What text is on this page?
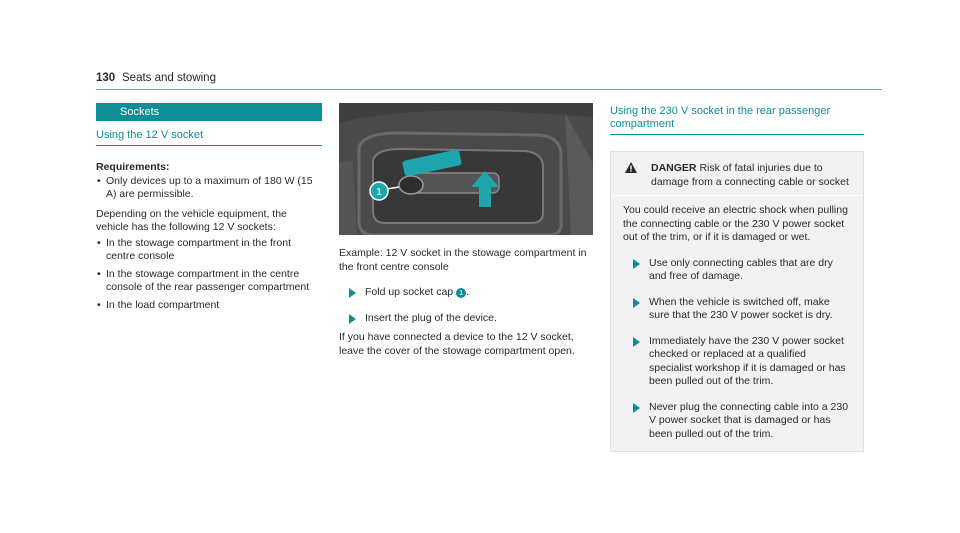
130 Seats and stowing
Sockets
Using the 12 V socket
Requirements:
• Only devices up to a maximum of 180 W (15 A) are permissible.

Depending on the vehicle equipment, the vehicle has the following 12 V sockets:

• In the stowage compartment in the front centre console
• In the stowage compartment in the centre console of the rear passenger compartment
• In the load compartment
1

Example: 12 V socket in the stowage compartment in the front centre console

Fold up socket cap 1 .
Insert the plug of the device.

If you have connected a device to the 12 V socket, leave the cover of the stowage compartment open.

Using the 230 V socket in the rear passenger compartment
DANGER Risk of fatal injuries due to damage from a connecting cable or socket

You could receive an electric shock when pulling the connecting cable or the 230 V power socket out of the trim, or if it is damaged or wet.

Use only connecting cables that are dry and free of damage.
When the vehicle is switched off, make sure that the 230 V power socket is dry.
Immediately have the 230 V power socket checked or replaced at a qualified specialist workshop if it is damaged or has been pulled out of the trim.
Never plug the connecting cable into a 230 V power socket that is damaged or has been pulled out of the trim.
